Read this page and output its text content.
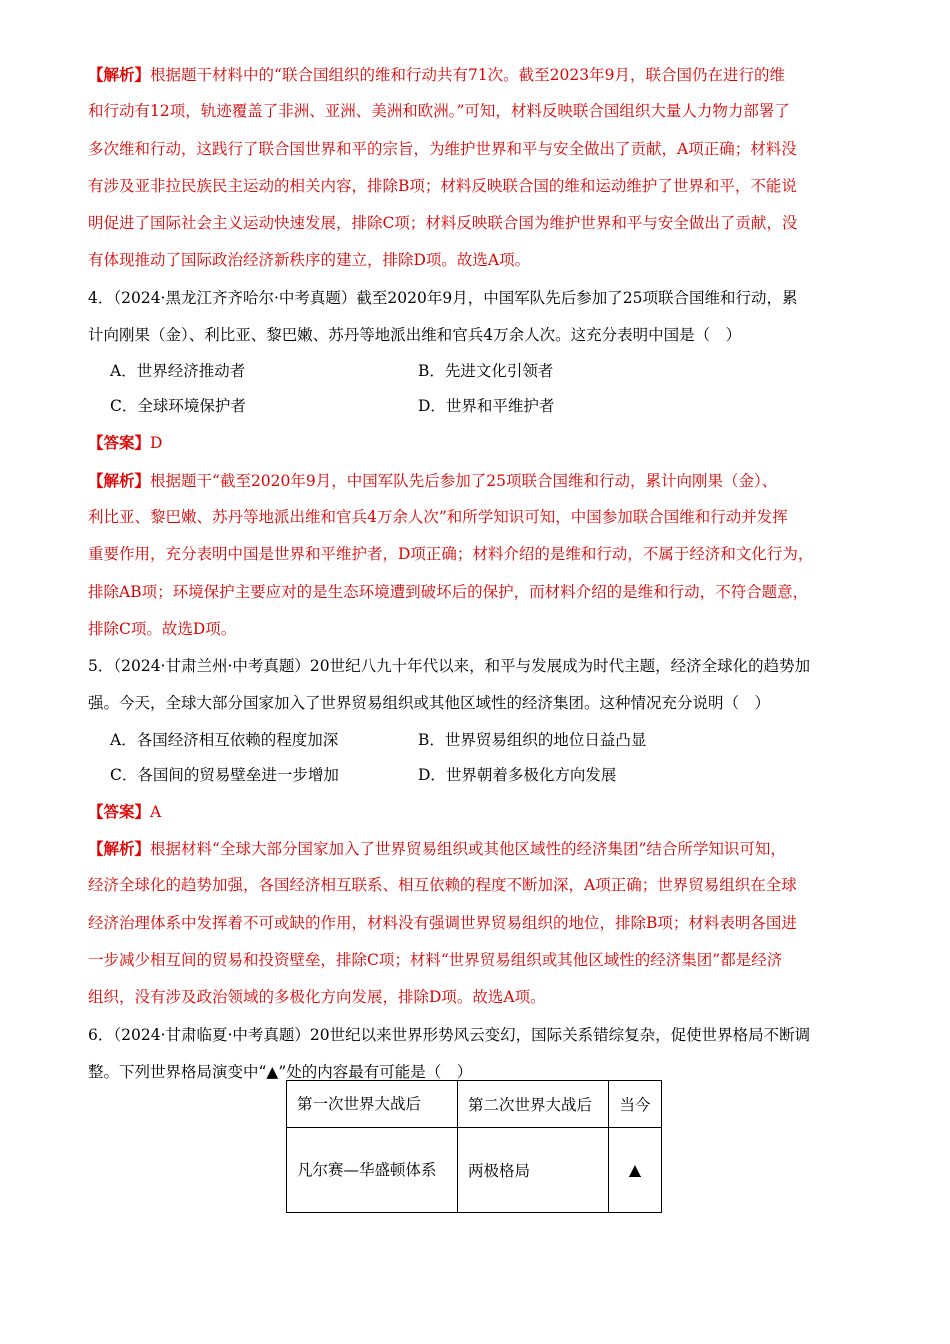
【解析】根据题干材料中的“联合国组织的维和行动共有71次。截至2023年9月，联合国仍在进行的维
和行动有12项，轨迹覆盖了非洲、亚洲、美洲和欧洲。”可知，材料反映联合国组织大量人力物力部署了
多次维和行动，这践行了联合国世界和平的宗旨，为维护世界和平与安全做出了贡献，A项正确；材料没
有涉及亚非拉民族民主运动的相关内容，排除B项；材料反映联合国的维和运动维护了世界和平，不能说
明促进了国际社会主义运动快速发展，排除C项；材料反映联合国为维护世界和平与安全做出了贡献，没
有体现推动了国际政治经济新秩序的建立，排除D项。故选A项。
4．（2024·黑龙江齐齐哈尔·中考真题）截至2020年9月，中国军队先后参加了25项联合国维和行动，累
计向刚果（金）、利比亚、黎巴嫩、苏丹等地派出维和官兵4万余人次。这充分表明中国是（　）
A．世界经济推动者	B．先进文化引领者
C．全球环境保护者	D．世界和平维护者
【答案】D
【解析】根据题干“截至2020年9月，中国军队先后参加了25项联合国维和行动，累计向刚果（金）、
利比亚、黎巴嫩、苏丹等地派出维和官兵4万余人次”和所学知识可知，中国参加联合国维和行动并发挥
重要作用，充分表明中国是世界和平维护者，D项正确；材料介绍的是维和行动，不属于经济和文化行为，
排除AB项；环境保护主要应对的是生态环境遭到破坏后的保护，而材料介绍的是维和行动，不符合题意，
排除C项。故选D项。
5．（2024·甘肃兰州·中考真题）20世纪八九十年代以来，和平与发展成为时代主题，经济全球化的趋势加
强。今天，全球大部分国家加入了世界贸易组织或其他区域性的经济集团。这种情况充分说明（　）
A．各国经济相互依赖的程度加深	B．世界贸易组织的地位日益凸显
C．各国间的贸易壁垒进一步增加	D．世界朝着多极化方向发展
【答案】A
【解析】根据材料“全球大部分国家加入了世界贸易组织或其他区域性的经济集团”结合所学知识可知，
经济全球化的趋势加强，各国经济相互联系、相互依赖的程度不断加深，A项正确；世界贸易组织在全球
经济治理体系中发挥着不可或缺的作用，材料没有强调世界贸易组织的地位，排除B项；材料表明各国进
一步减少相互间的贸易和投资壁垒，排除C项；材料“世界贸易组织或其他区域性的经济集团”都是经济
组织，没有涉及政治领域的多极化方向发展，排除D项。故选A项。
6．（2024·甘肃临夏·中考真题）20世纪以来世界形势风云变幻，国际关系错综复杂，促使世界格局不断调
整。下列世界格局演变中“▲”处的内容最有可能是（　）
第一次世界大战后	第二次世界大战后	当今
凡尔赛—华盛顿体系	两极格局	▲
